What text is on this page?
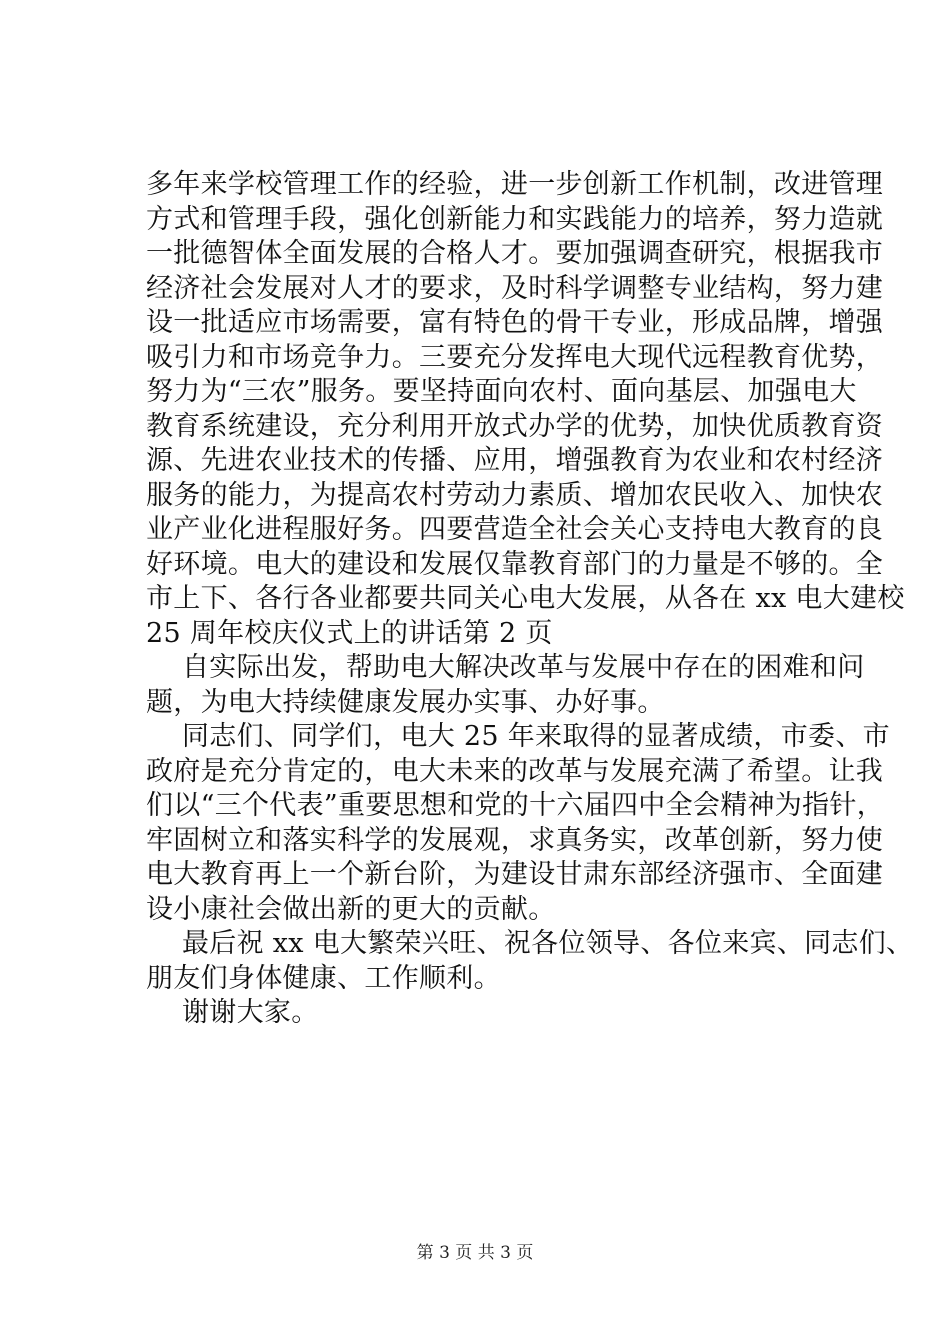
多年来学校管理工作的经验，进一步创新工作机制，改进管理
方式和管理手段，强化创新能力和实践能力的培养，努力造就
一批德智体全面发展的合格人才。要加强调查研究，根据我市
经济社会发展对人才的要求，及时科学调整专业结构，努力建
设一批适应市场需要，富有特色的骨干专业，形成品牌，增强
吸引力和市场竞争力。三要充分发挥电大现代远程教育优势，
努力为“三农”服务。要坚持面向农村、面向基层、加强电大
教育系统建设，充分利用开放式办学的优势，加快优质教育资
源、先进农业技术的传播、应用，增强教育为农业和农村经济
服务的能力，为提高农村劳动力素质、增加农民收入、加快农
业产业化进程服好务。四要营造全社会关心支持电大教育的良
好环境。电大的建设和发展仅靠教育部门的力量是不够的。全
市上下、各行各业都要共同关心电大发展，从各在 xx 电大建校
25 周年校庆仪式上的讲话第 2 页
自实际出发，帮助电大解决改革与发展中存在的困难和问
题，为电大持续健康发展办实事、办好事。
同志们、同学们，电大 25 年来取得的显著成绩，市委、市
政府是充分肯定的，电大未来的改革与发展充满了希望。让我
们以“三个代表”重要思想和党的十六届四中全会精神为指针，
牢固树立和落实科学的发展观，求真务实，改革创新，努力使
电大教育再上一个新台阶，为建设甘肃东部经济强市、全面建
设小康社会做出新的更大的贡献。
最后祝 xx 电大繁荣兴旺、祝各位领导、各位来宾、同志们、
朋友们身体健康、工作顺利。
谢谢大家。
第 3 页 共 3 页
